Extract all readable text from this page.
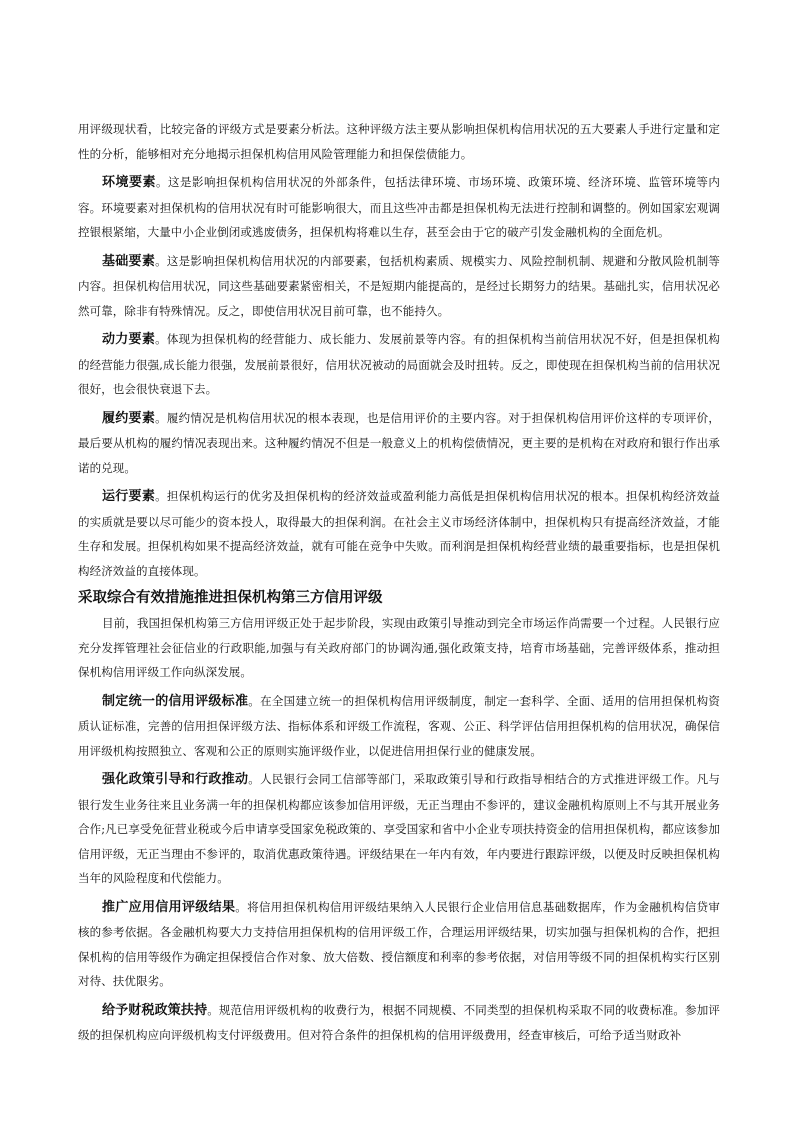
用评级现状看，比较完备的评级方式是要素分析法。这种评级方法主要从影响担保机构信用状况的五大要素人手进行定量和定性的分析，能够相对充分地揭示担保机构信用风险管理能力和担保偿债能力。

环境要素。这是影响担保机构信用状况的外部条件，包括法律环境、市场环境、政策环境、经济环境、监管环境等内容。环境要素对担保机构的信用状况有时可能影响很大，而且这些冲击都是担保机构无法进行控制和调整的。例如国家宏观调控银根紧缩，大量中小企业倒闭或逃废债务，担保机构将难以生存，甚至会由于它的破产引发金融机构的全面危机。

基础要素。这是影响担保机构信用状况的内部要素，包括机构素质、规模实力、风险控制机制、规避和分散风险机制等内容。担保机构信用状况，同这些基础要素紧密相关，不是短期内能提高的，是经过长期努力的结果。基础扎实，信用状况必然可靠，除非有特殊情况。反之，即使信用状况目前可靠，也不能持久。

动力要素。体现为担保机构的经营能力、成长能力、发展前景等内容。有的担保机构当前信用状况不好，但是担保机构的经营能力很强,成长能力很强，发展前景很好，信用状况被动的局面就会及时扭转。反之，即使现在担保机构当前的信用状况很好，也会很快衰退下去。

履约要素。履约情况是机构信用状况的根本表现，也是信用评价的主要内容。对于担保机构信用评价这样的专项评价，最后要从机构的履约情况表现出来。这种履约情况不但是一般意义上的机构偿债情况，更主要的是机构在对政府和银行作出承诺的兑现。

运行要素。担保机构运行的优劣及担保机构的经济效益或盈利能力高低是担保机构信用状况的根本。担保机构经济效益的实质就是要以尽可能少的资本投人，取得最大的担保利润。在社会主义市场经济体制中，担保机构只有提高经济效益，才能生存和发展。担保机构如果不提高经济效益，就有可能在竞争中失败。而利润是担保机构经营业绩的最重要指标，也是担保机构经济效益的直接体现。

采取综合有效措施推进担保机构第三方信用评级

目前，我国担保机构第三方信用评级正处于起步阶段，实现由政策引导推动到完全市场运作尚需要一个过程。人民银行应充分发挥管理社会征信业的行政职能,加强与有关政府部门的协调沟通,强化政策支持，培育市场基础，完善评级体系，推动担保机构信用评级工作向纵深发展。

制定统一的信用评级标准。在全国建立统一的担保机构信用评级制度，制定一套科学、全面、适用的信用担保机构资质认证标准，完善的信用担保评级方法、指标体系和评级工作流程，客观、公正、科学评估信用担保机构的信用状况，确保信用评级机构按照独立、客观和公正的原则实施评级作业，以促进信用担保行业的健康发展。

强化政策引导和行政推动。人民银行会同工信部等部门，采取政策引导和行政指导相结合的方式推进评级工作。凡与银行发生业务往来且业务满一年的担保机构都应该参加信用评级，无正当理由不参评的，建议金融机构原则上不与其开展业务合作;凡已享受免征营业税或今后申请享受国家免税政策的、享受国家和省中小企业专项扶持资金的信用担保机构，都应该参加信用评级，无正当理由不参评的，取消优惠政策待遇。评级结果在一年内有效，年内要进行跟踪评级，以便及时反映担保机构当年的风险程度和代偿能力。

推广应用信用评级结果。将信用担保机构信用评级结果纳入人民银行企业信用信息基础数据库，作为金融机构信贷审核的参考依据。各金融机构要大力支持信用担保机构的信用评级工作，合理运用评级结果，切实加强与担保机构的合作，把担保机构的信用等级作为确定担保授信合作对象、放大倍数、授信额度和利率的参考依据，对信用等级不同的担保机构实行区别对待、扶优限劣。

给予财税政策扶持。规范信用评级机构的收费行为，根据不同规模、不同类型的担保机构采取不同的收费标准。参加评级的担保机构应向评级机构支付评级费用。但对符合条件的担保机构的信用评级费用，经查审核后，可给予适当财政补
